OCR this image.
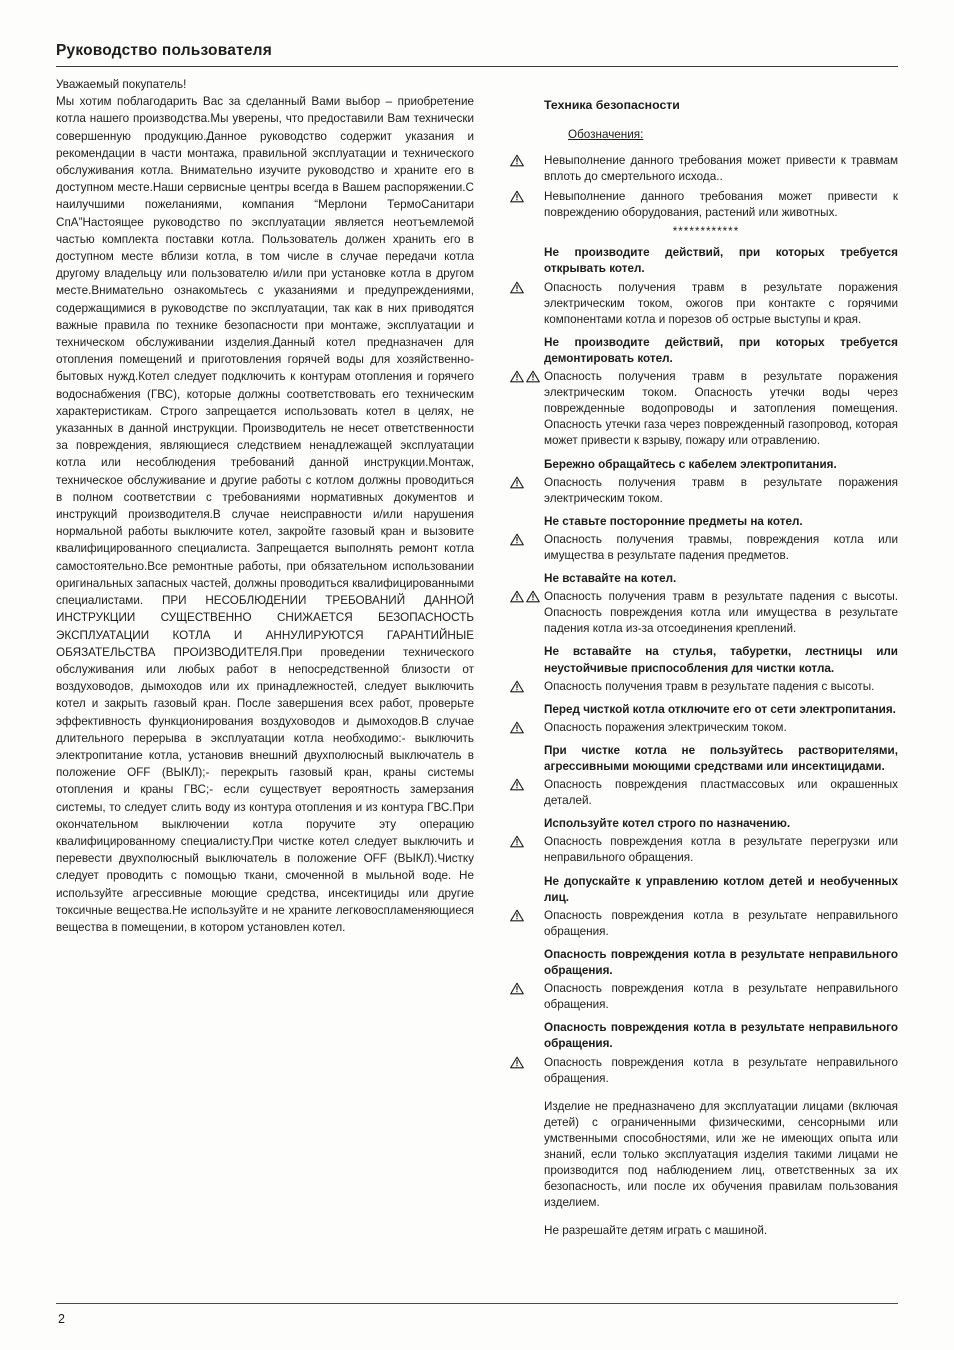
Руководство пользователя
Уважаемый покупатель!
Мы хотим поблагодарить Вас за сделанный Вами выбор – приобретение котла нашего производства.Мы уверены, что предоставили Вам технически совершенную продукцию.Данное руководство содержит указания и рекомендации в части монтажа, правильной эксплуатации и технического обслуживания котла. Внимательно изучите руководство и храните его в доступном месте.Наши сервисные центры всегда в Вашем распоряжении.С наилучшими пожеланиями, компания “Мерлони ТермоСанитари СпА”Настоящее руководство по эксплуатации является неотъемлемой частью комплекта поставки котла. Пользователь должен хранить его в доступном месте вблизи котла, в том числе в случае передачи котла другому владельцу или пользователю и/или при установке котла в другом месте.Внимательно ознакомьтесь с указаниями и предупреждениями, содержащимися в руководстве по эксплуатации, так как в них приводятся важные правила по технике безопасности при монтаже, эксплуатации и техническом обслуживании изделия.Данный котел предназначен для отопления помещений и приготовления горячей воды для хозяйственно-бытовых нужд.Котел следует подключить к контурам отопления и горячего водоснабжения (ГВС), которые должны соответствовать его техническим характеристикам. Строго запрещается использовать котел в целях, не указанных в данной инструкции. Производитель не несет ответственности за повреждения, являющиеся следствием ненадлежащей эксплуатации котла или несоблюдения требований данной инструкции.Монтаж, техническое обслуживание и другие работы с котлом должны проводиться в полном соответствии с требованиями нормативных документов и инструкций производителя.В случае неисправности и/или нарушения нормальной работы выключите котел, закройте газовый кран и вызовите квалифицированного специалиста. Запрещается выполнять ремонт котла самостоятельно.Все ремонтные работы, при обязательном использовании оригинальных запасных частей, должны проводиться квалифицированными специалистами. ПРИ НЕСОБЛЮДЕНИИ ТРЕБОВАНИЙ ДАННОЙ ИНСТРУКЦИИ СУЩЕСТВЕННО СНИЖАЕТСЯ БЕЗОПАСНОСТЬ ЭКСПЛУАТАЦИИ КОТЛА И АННУЛИРУЮТСЯ ГАРАНТИЙНЫЕ ОБЯЗАТЕЛЬСТВА ПРОИЗВОДИТЕЛЯ.При проведении технического обслуживания или любых работ в непосредственной близости от воздуховодов, дымоходов или их принадлежностей, следует выключить котел и закрыть газовый кран. После завершения всех работ, проверьте эффективность функционирования воздуховодов и дымоходов.В случае длительного перерыва в эксплуатации котла необходимо:- выключить электропитание котла, установив внешний двухполюсный выключатель в положение OFF (ВЫКЛ);- перекрыть газовый кран, краны системы отопления и краны ГВС;- если существует вероятность замерзания системы, то следует слить воду из контура отопления и из контура ГВС.При окончательном выключении котла поручите эту операцию квалифицированному специалисту.При чистке котел следует выключить и перевести двухполюсный выключатель в положение OFF (ВЫКЛ).Чистку следует проводить с помощью ткани, смоченной в мыльной воде. Не используйте агрессивные моющие средства, инсектициды или другие токсичные вещества.Не используйте и не храните легковоспламеняющиеся вещества в помещении, в котором установлен котел.
Техника безопасности
Обозначения:
Невыполнение данного требования может привести к травмам вплоть до смертельного исхода..
Невыполнение данного требования может привести к повреждению оборудования, растений или животных.
************
Не производите действий, при которых требуется открывать котел.
Опасность получения травм в результате поражения электрическим током, ожогов при контакте с горячими компонентами котла и порезов об острые выступы и края.
Не производите действий, при которых требуется демонтировать котел.
Опасность получения травм в результате поражения электрическим током. Опасность утечки воды через поврежденные водопроводы и затопления помещения. Опасность утечки газа через поврежденный газопровод, которая может привести к взрыву, пожару или отравлению.
Бережно обращайтесь с кабелем электропитания.
Опасность получения травм в результате поражения электрическим током.
Не ставьте посторонние предметы на котел.
Опасность получения травмы, повреждения котла или имущества в результате падения предметов.
Не вставайте на котел.
Опасность получения травм в результате падения с высоты. Опасность повреждения котла или имущества в результате падения котла из-за отсоединения креплений.
Не вставайте на стулья, табуретки, лестницы или неустойчивые приспособления для чистки котла.
Опасность получения травм в результате падения с высоты.
Перед чисткой котла отключите его от сети электропитания.
Опасность поражения электрическим током.
При чистке котла не пользуйтесь растворителями, агрессивными моющими средствами или инсектицидами.
Опасность повреждения пластмассовых или окрашенных деталей.
Используйте котел строго по назначению.
Опасность повреждения котла в результате перегрузки или неправильного обращения.
Не допускайте к управлению котлом детей и необученных лиц.
Опасность повреждения котла в результате неправильного обращения.
Опасность повреждения котла в результате неправильного обращения.
Опасность повреждения котла в результате неправильного обращения.
Опасность повреждения котла в результате неправильного обращения.
Опасность повреждения котла в результате неправильного обращения.
Изделие не предназначено для эксплуатации лицами (включая детей) с ограниченными физическими, сенсорными или умственными способностями, или же не имеющих опыта или знаний, если только эксплуатация изделия такими лицами не производится под наблюдением лиц, ответственных за их безопасность, или после их обучения правилам пользования изделием.
Не разрешайте детям играть с машиной.
2
